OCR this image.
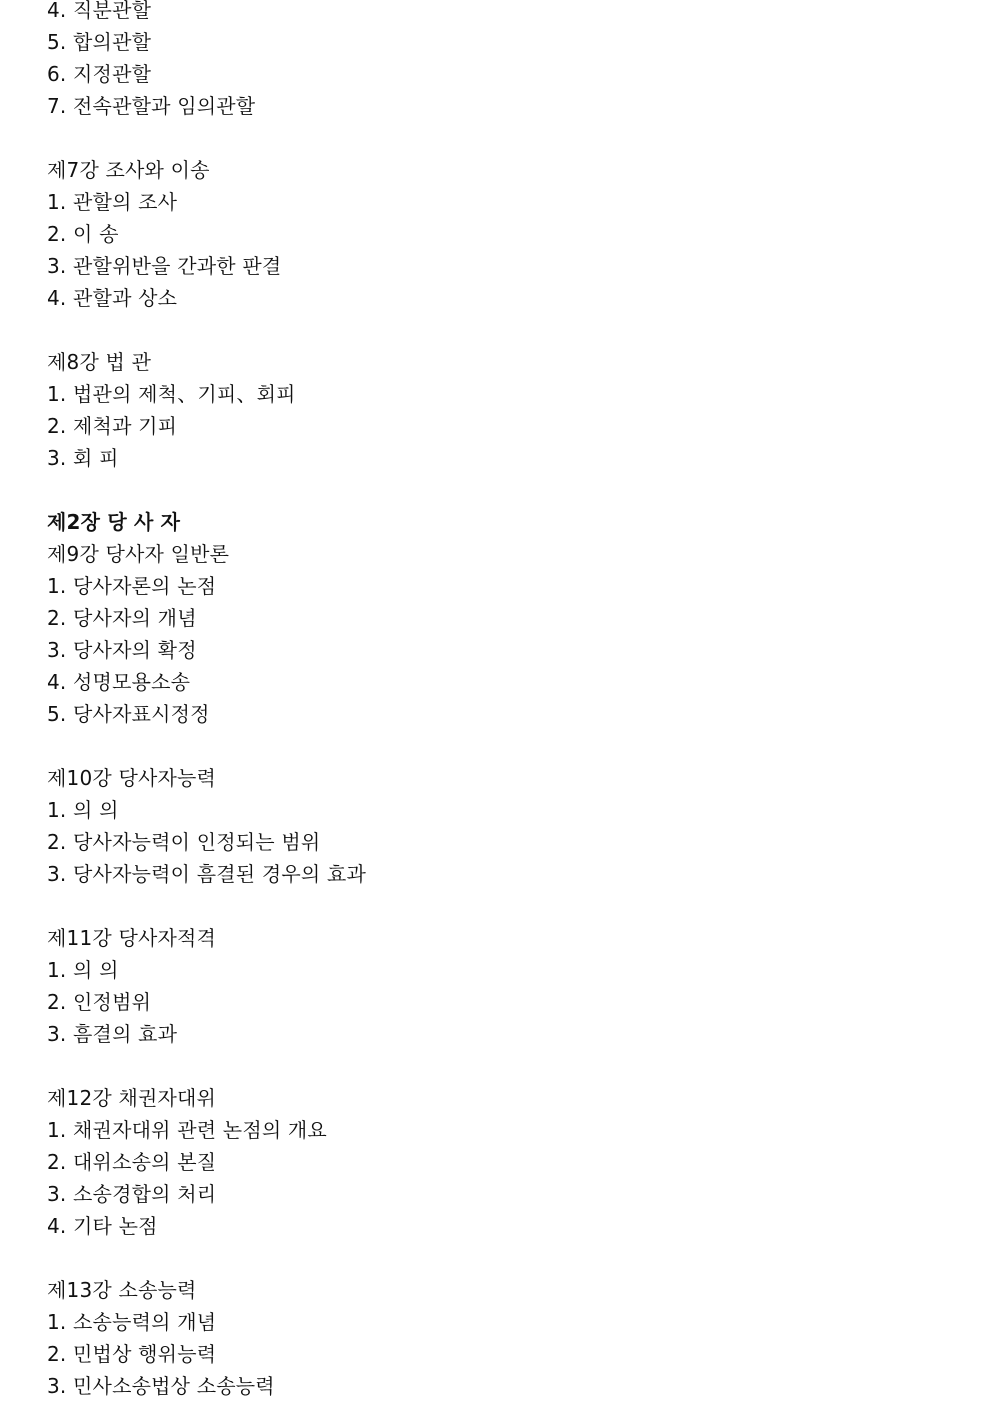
4. 직분관할
5. 합의관할
6. 지정관할
7. 전속관할과 임의관할
제7강 조사와 이송
1. 관할의 조사
2. 이 송
3. 관할위반을 간과한 판결
4. 관할과 상소
제8강 법 관
1. 법관의 제척、기피、회피
2. 제척과 기피
3. 회 피
제2장 당 사 자
제9강 당사자 일반론
1. 당사자론의 논점
2. 당사자의 개념
3. 당사자의 확정
4. 성명모용소송
5. 당사자표시정정
제10강 당사자능력
1. 의 의
2. 당사자능력이 인정되는 범위
3. 당사자능력이 흠결된 경우의 효과
제11강 당사자적격
1. 의 의
2. 인정범위
3. 흠결의 효과
제12강 채권자대위
1. 채권자대위 관련 논점의 개요
2. 대위소송의 본질
3. 소송경합의 처리
4. 기타 논점
제13강 소송능력
1. 소송능력의 개념
2. 민법상 행위능력
3. 민사소송법상 소송능력
